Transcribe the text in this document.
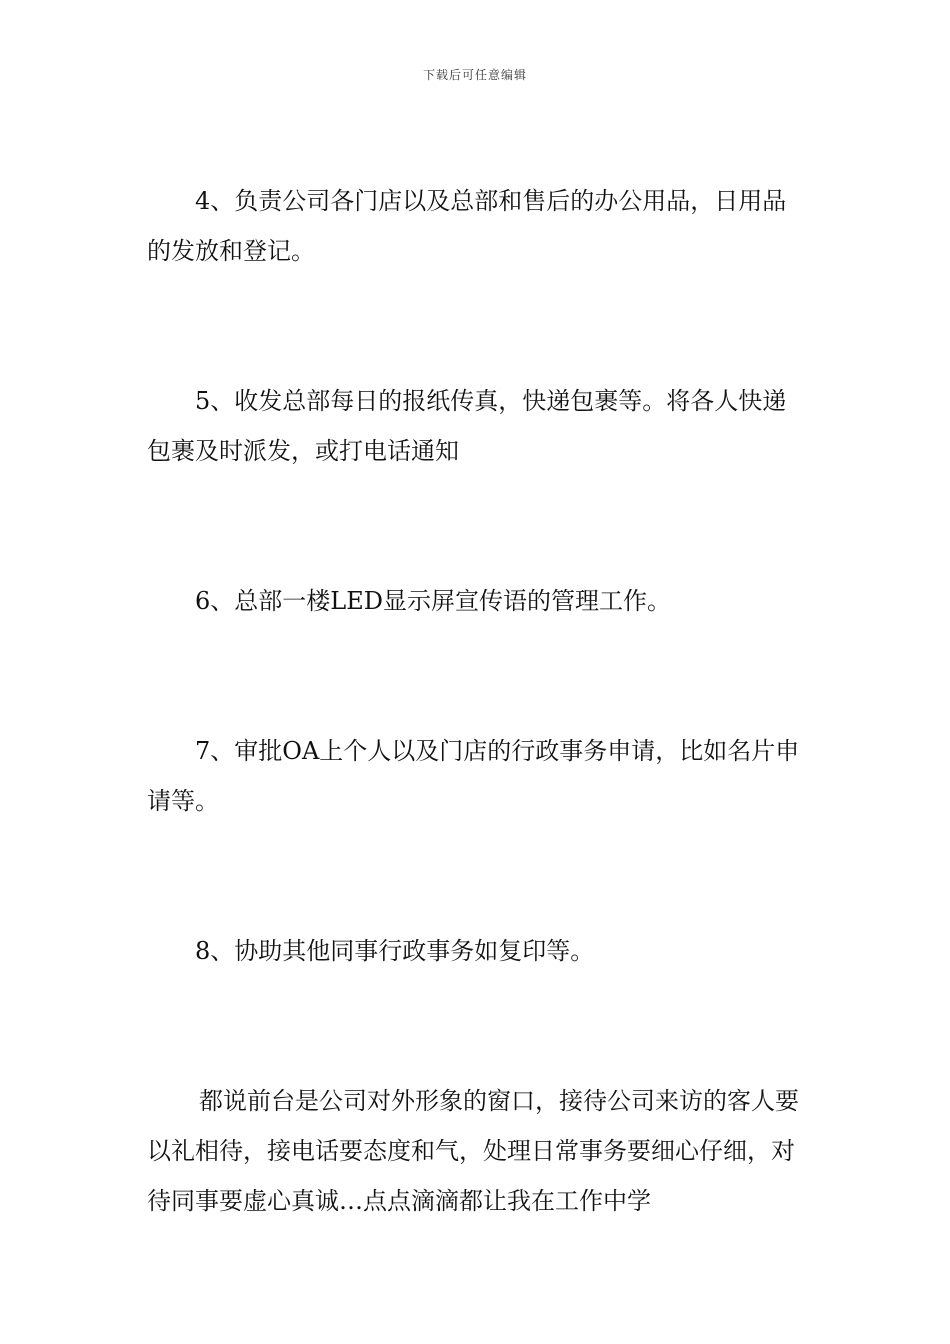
下载后可任意编辑

4、负责公司各门店以及总部和售后的办公用品，日用品的发放和登记。

5、收发总部每日的报纸传真，快递包裹等。将各人快递包裹及时派发，或打电话通知

6、总部一楼LED显示屏宣传语的管理工作。

7、审批OA上个人以及门店的行政事务申请，比如名片申请等。

8、协助其他同事行政事务如复印等。

都说前台是公司对外形象的窗口，接待公司来访的客人要以礼相待，接电话要态度和气，处理日常事务要细心仔细，对待同事要虚心真诚…点点滴滴都让我在工作中学
